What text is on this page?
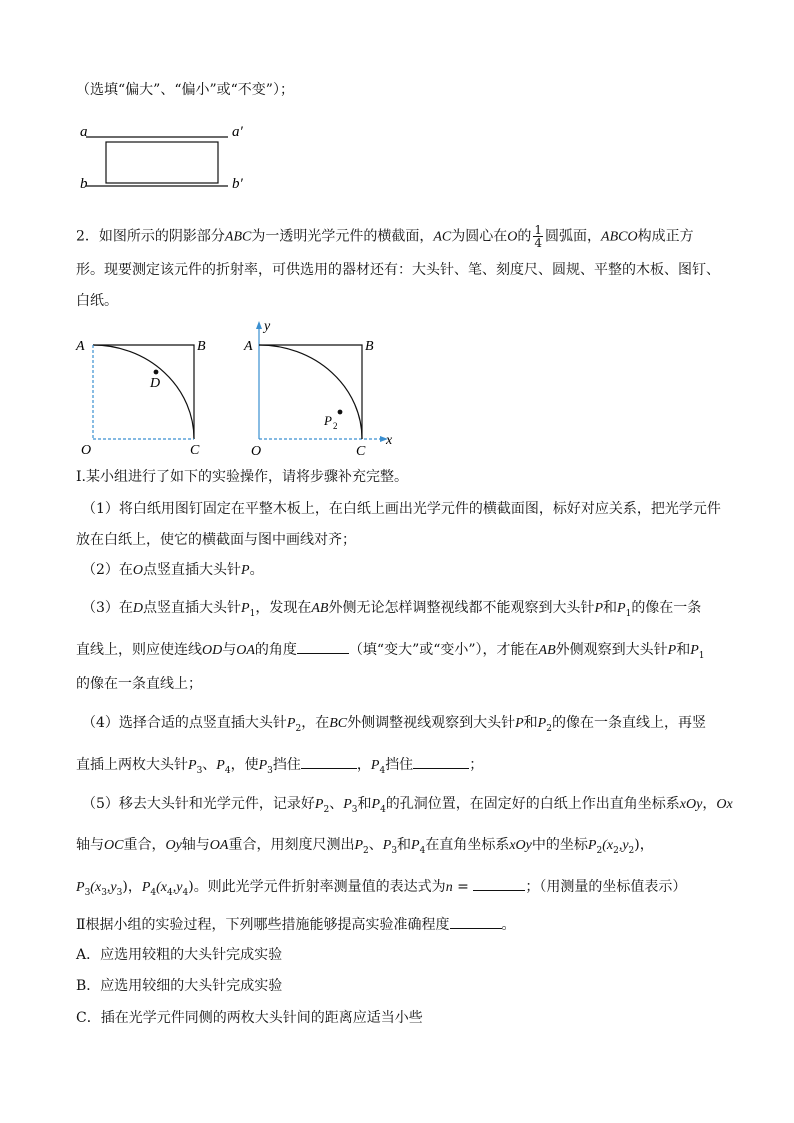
（选填“偏大”、“偏小”或“不变”）；
a	a′
b	b′
2．如图所示的阴影部分ABC为一透明光学元件的横截面，AC为圆心在O的 $\frac{1}{4}$ 圆弧面，ABCO构成正方
形。现要测定该元件的折射率，可供选用的器材还有：大头针、笔、刻度尺、圆规、平整的木板、图钉、
白纸。
A	B
D
O	C
y
x
A	B
O	C
P 2
I.某小组进行了如下的实验操作，请将步骤补充完整。
（1）将白纸用图钉固定在平整木板上，在白纸上画出光学元件的横截面图，标好对应关系，把光学元件
放在白纸上，使它的横截面与图中画线对齐；
（2）在O点竖直插大头针P。
（3）在D点竖直插大头针$P_1$，发现在AB外侧无论怎样调整视线都不能观察到大头针P和$P_1$的像在一条
直线上，则应使连线OD与OA的角度	（填“变大”或“变小”），才能在AB外侧观察到大头针P和$P_1$
的像在一条直线上；
（4）选择合适的点竖直插大头针$P_2$，在BC外侧调整视线观察到大头针P和$P_2$的像在一条直线上，再竖
直插上两枚大头针$P_3$、$P_4$，使$P_3$挡住	，$P_4$挡住	；
（5）移去大头针和光学元件，记录好$P_2$、$P_3$和$P_4$的孔洞位置，在固定好的白纸上作出直角坐标系xOy，Ox
轴与OC重合，Oy轴与OA重合，用刻度尺测出$P_2$、$P_3$和$P_4$在直角坐标系xOy中的坐标$P_2(x_2,y_2)$，
$P_3(x_3,y_3)$，$P_4(x_4,y_4)$。则此光学元件折射率测量值的表达式为n =	；（用测量的坐标值表示）
Ⅱ根据小组的实验过程，下列哪些措施能够提高实验准确程度	。
A．应选用较粗的大头针完成实验
B．应选用较细的大头针完成实验
C．插在光学元件同侧的两枚大头针间的距离应适当小些
